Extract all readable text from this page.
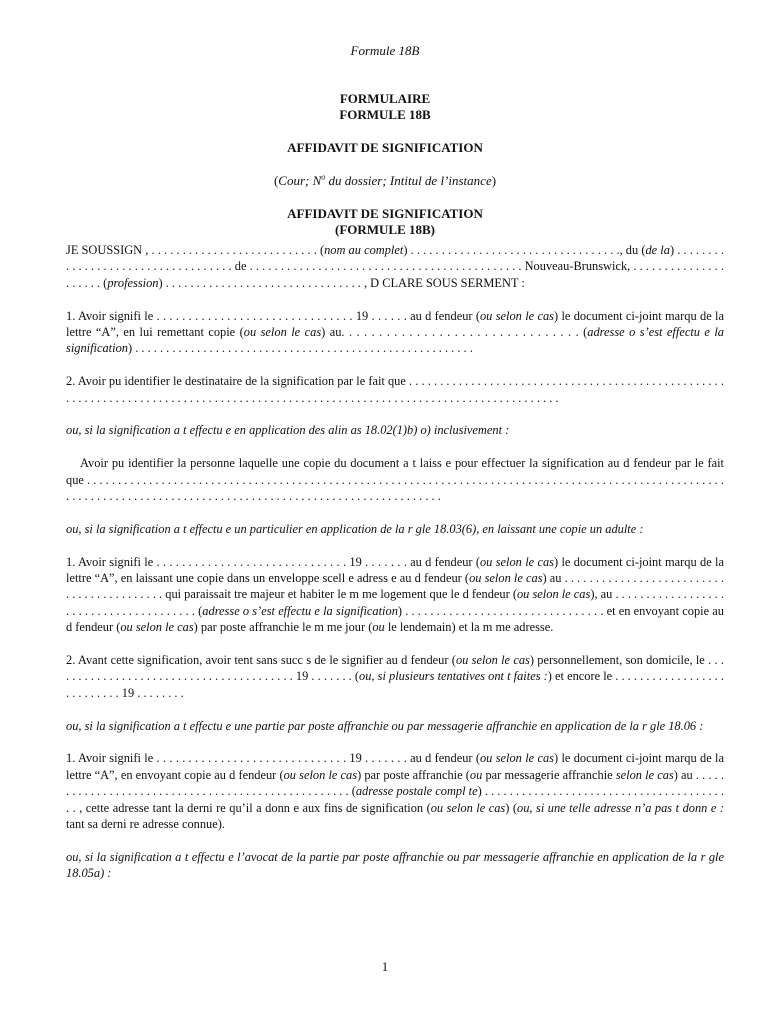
Formule 18B
FORMULAIRE
FORMULE 18B
AFFIDAVIT DE SIGNIFICATION
(Cour; $N^o$ du dossier; Intitul de l’instance)
AFFIDAVIT DE SIGNIFICATION
(FORMULE 18B)

JE SOUSSIGN , . . . . . . . . . . . . . . . . . . . . . . . . . . . (nom au complet) . . . . . . . . . . . . . . . . . . . . . . . . . . . . . . . . . ., du (de la) . . . . . . . . . . . . . . . . . . . . . . . . . . . . . . . . . . . de . . . . . . . . . . . . . . . . . . . . . . . . . . . . . . . . . . . . . . . . . . . . Nouveau-Brunswick, . . . . . . . . . . . . . . . . . . . . . (profession) . . . . . . . . . . . . . . . . . . . . . . . . . . . . . . . . , D CLARE SOUS SERMENT :

1. Avoir signifi le . . . . . . . . . . . . . . . . . . . . . . . . . . . . . . . 19 . . . . . . au d fendeur (ou selon le cas) le document ci-joint marqu de la lettre “A”, en lui remettant copie (ou selon le cas) au. . . . . . . . . . . . . . . . . . . . . . . . . . . . . . . . (adresse o s’est effectu e la signification) . . . . . . . . . . . . . . . . . . . . . . . . . . . . . . . . . . . . . . . . . . . . . . . . . . . . . . .

2. Avoir pu identifier le destinataire de la signification par le fait que . . . . . . . . . . . . . . . . . . . . . . . . . . . . . . . . . . . . . . . . . . . . . . . . . . . . . . . . . . . . . . . . . . . . . . . . . . . . . . . . . . . . . . . . . . . . . . . . . . . . . . . . . . . . . . . . . . . . . . . . . . . . . . . . . . .

ou, si la signification a t effectu e en application des alin as 18.02(1)b) o) inclusivement :

Avoir pu identifier la personne laquelle une copie du document a t laiss e pour effectuer la signification au d fendeur par le fait que . . . . . . . . . . . . . . . . . . . . . . . . . . . . . . . . . . . . . . . . . . . . . . . . . . . . . . . . . . . . . . . . . . . . . . . . . . . . . . . . . . . . . . . . . . . . . . . . . . . . . . . . . . . . . . . . . . . . . . . . . . . . . . . . . . . . . . . . . . . . . . . . . . . . . . . . . . . . . . . . . . . .

ou, si la signification a t effectu e un particulier en application de la r gle 18.03(6), en laissant une copie un adulte :

1. Avoir signifi le . . . . . . . . . . . . . . . . . . . . . . . . . . . . . . 19 . . . . . . . au d fendeur (ou selon le cas) le document ci-joint marqu de la lettre “A”, en laissant une copie dans un enveloppe scell e adress e au d fendeur (ou selon le cas) au . . . . . . . . . . . . . . . . . . . . . . . . . . . . . . . . . . . . . . . . . . qui paraissait tre majeur et habiter le m me logement que le d fendeur (ou selon le cas), au . . . . . . . . . . . . . . . . . . . . . . . . . . . . . . . . . . . . . . . (adresse o s’est effectu e la signification) . . . . . . . . . . . . . . . . . . . . . . . . . . . . . . . . et en envoyant copie au d fendeur (ou selon le cas) par poste affranchie le m me jour (ou le lendemain) et la m me adresse.

2. Avant cette signification, avoir tent sans succ s de le signifier au d fendeur (ou selon le cas) personnellement, son domicile, le . . . . . . . . . . . . . . . . . . . . . . . . . . . . . . . . . . . . . . . . 19 . . . . . . . (ou, si plusieurs tentatives ont t faites :) et encore le . . . . . . . . . . . . . . . . . . . . . . . . . . . 19 . . . . . . . .

ou, si la signification a t effectu e une partie par poste affranchie ou par messagerie affranchie en application de la r gle 18.06 :

1. Avoir signifi le . . . . . . . . . . . . . . . . . . . . . . . . . . . . . . 19 . . . . . . . au d fendeur (ou selon le cas) le document ci-joint marqu de la lettre “A”, en envoyant copie au d fendeur (ou selon le cas) par poste affranchie (ou par messagerie affranchie selon le cas) au . . . . . . . . . . . . . . . . . . . . . . . . . . . . . . . . . . . . . . . . . . . . . . . . . . . (adresse postale compl te) . . . . . . . . . . . . . . . . . . . . . . . . . . . . . . . . . . . . . . . . . , cette adresse tant la derni re qu’il a donn e aux fins de signification (ou selon le cas) (ou, si une telle adresse n’a pas t donn e : tant sa derni re adresse connue).

ou, si la signification a t effectu e l’avocat de la partie par poste affranchie ou par messagerie affranchie en application de la r gle 18.05a) :

1
